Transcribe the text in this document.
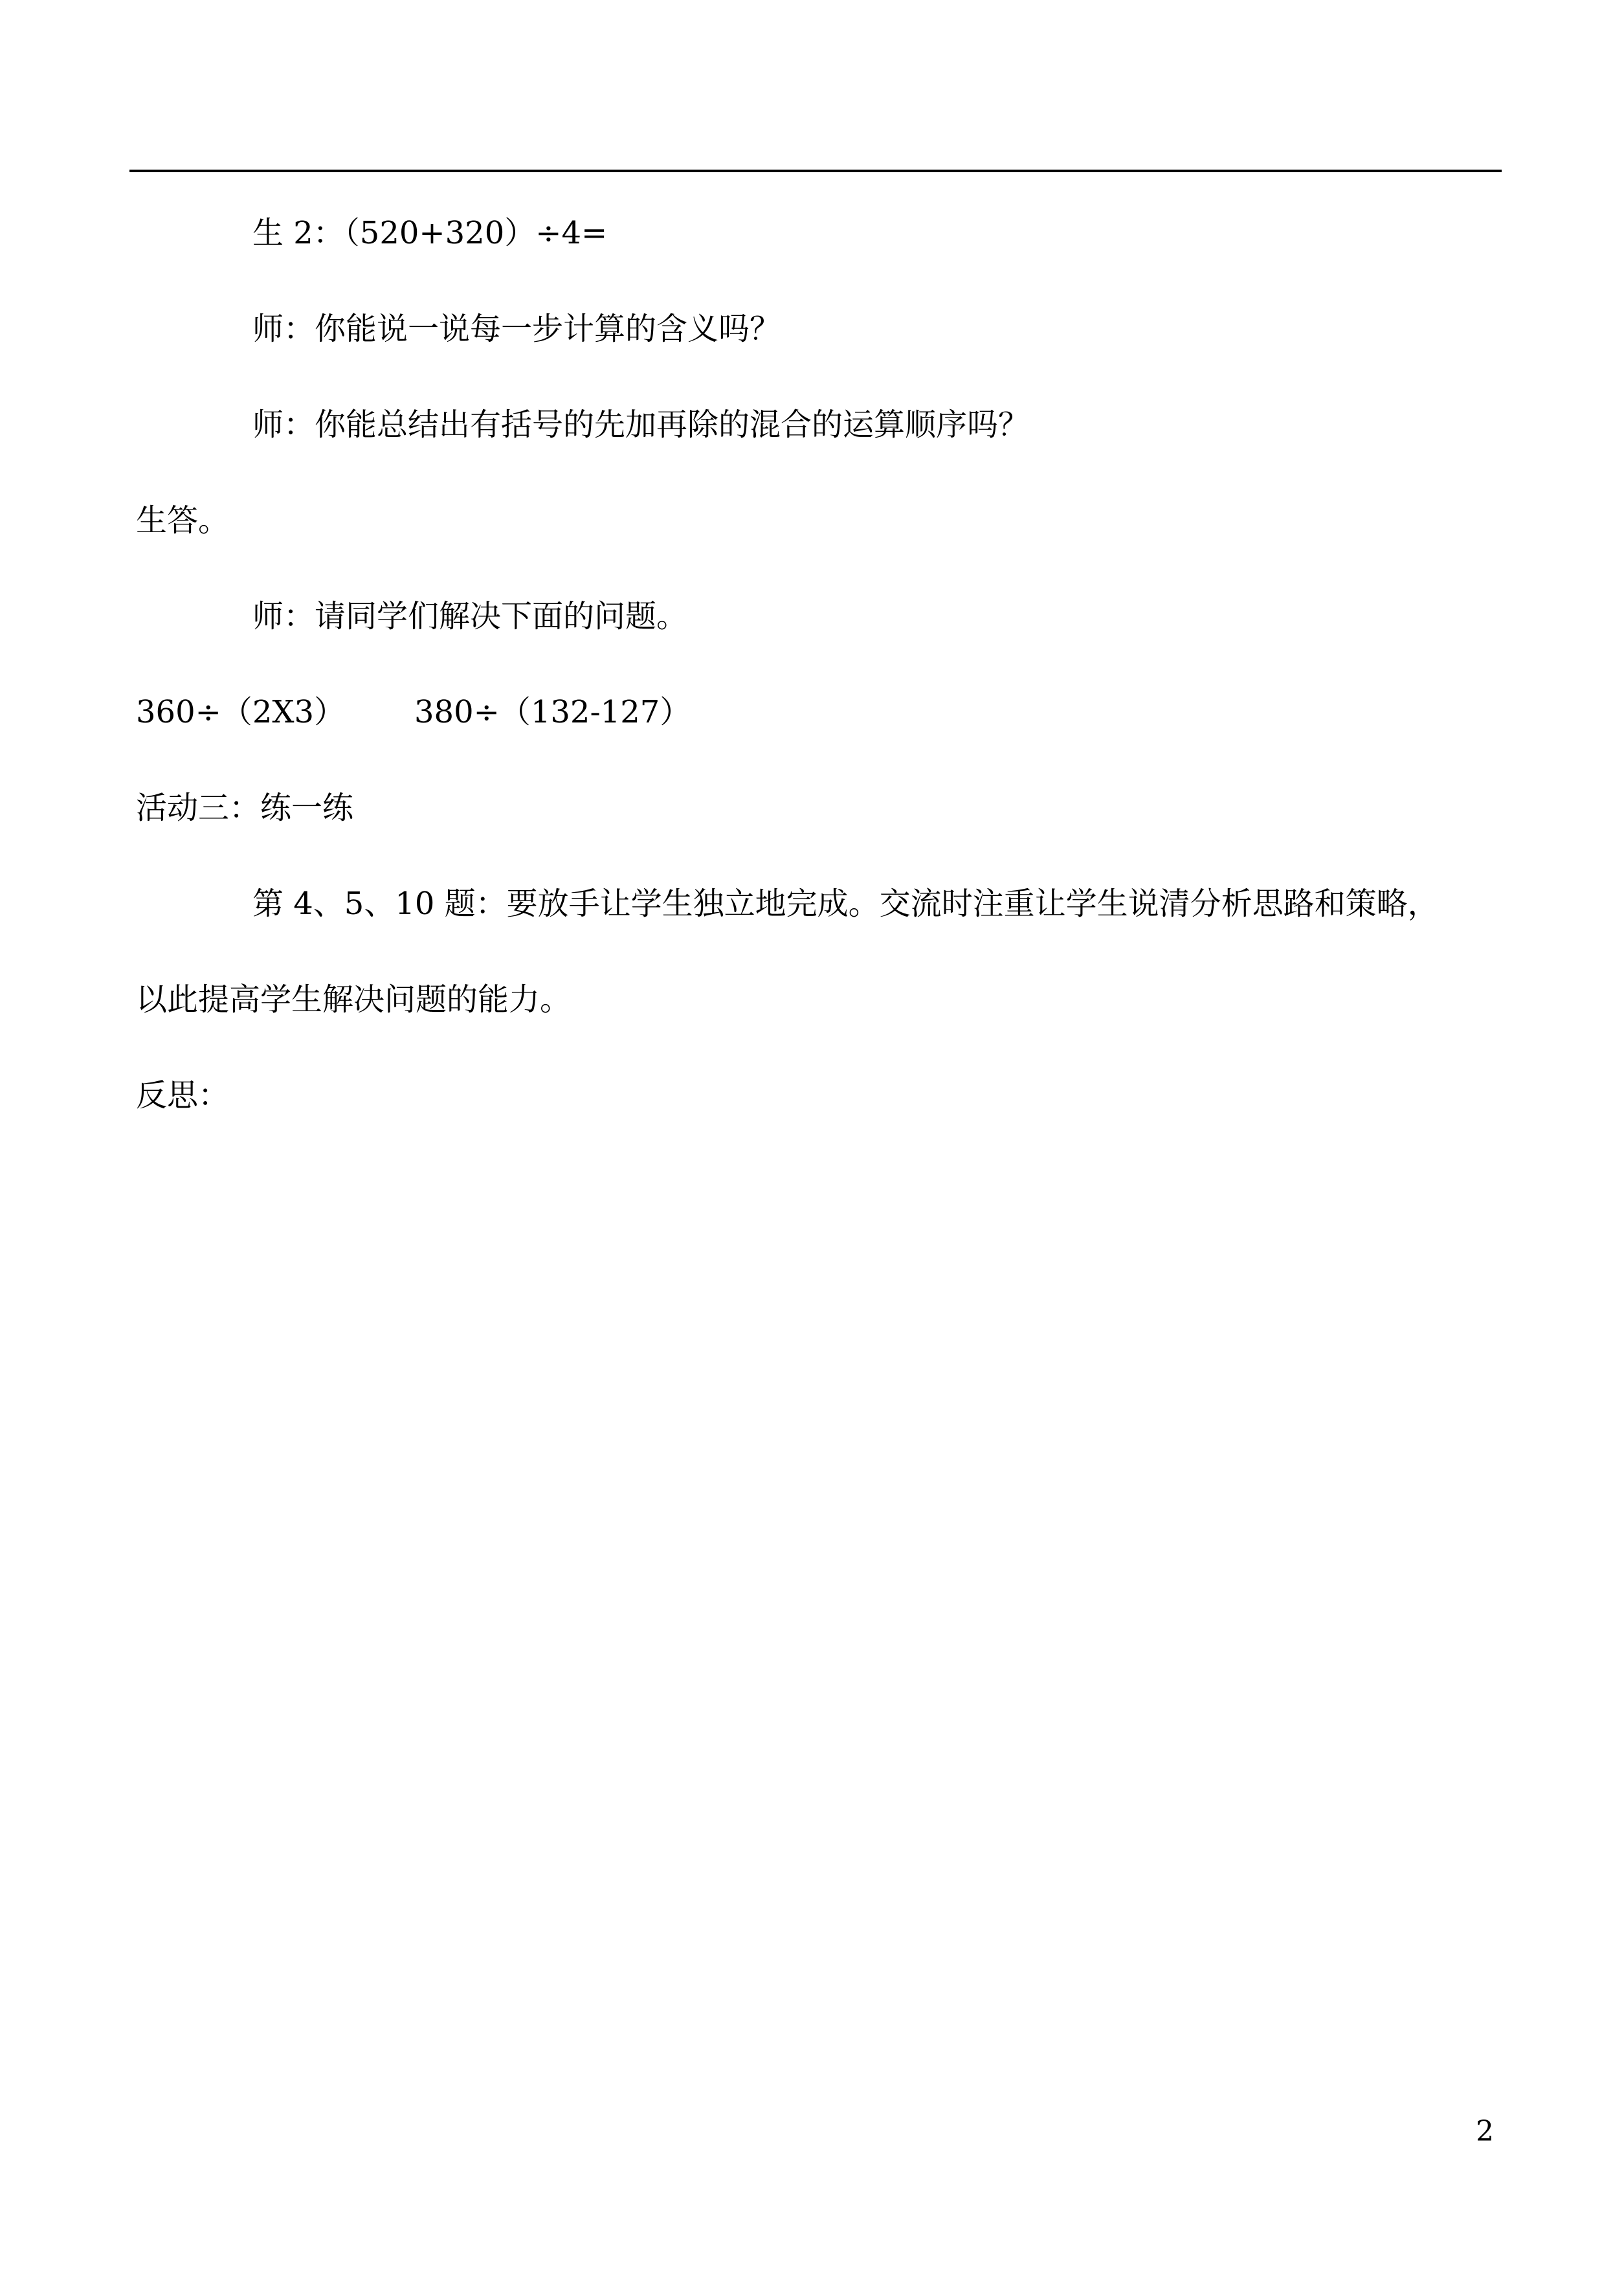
生 2：（520+320）÷4=
师：你能说一说每一步计算的含义吗？
师：你能总结出有括号的先加再除的混合的运算顺序吗？
生答。
师：请同学们解决下面的问题。
360÷（2X3） 380÷（132-127）
活动三：练一练
第 4、5、10 题：要放手让学生独立地完成。交流时注重让学生说清分析思路和策略，
以此提高学生解决问题的能力。
反思：
2
